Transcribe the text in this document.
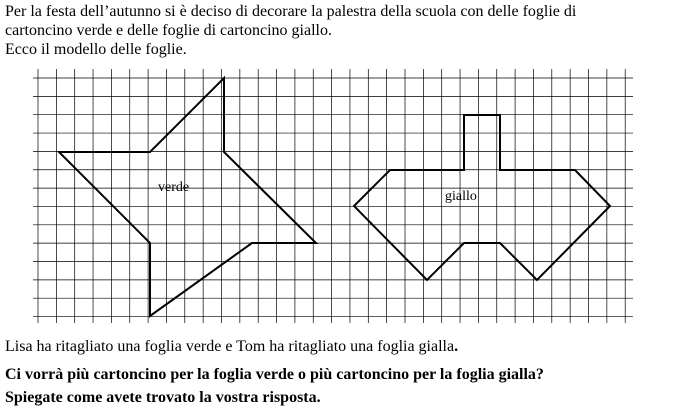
Per la festa dell’autunno si è deciso di decorare la palestra della scuola con delle foglie di

cartoncino verde e delle foglie di cartoncino giallo.

Ecco il modello delle foglie.

verde
giallo
Lisa ha ritagliato una foglia verde e Tom ha ritagliato una foglia gialla.
Ci vorrà più cartoncino per la foglia verde o più cartoncino per la foglia gialla?
Spiegate come avete trovato la vostra risposta.
